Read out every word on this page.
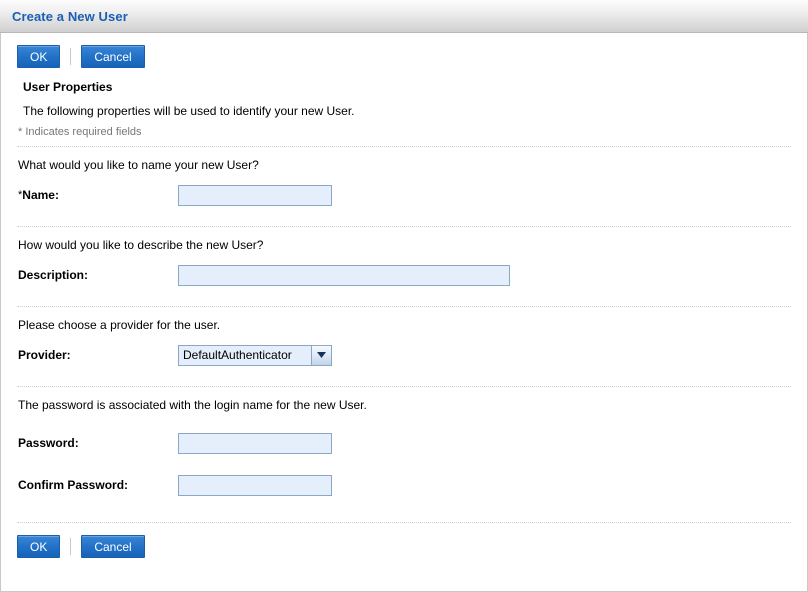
Create a New User
OK	Cancel
User Properties
The following properties will be used to identify your new User.
* Indicates required fields
What would you like to name your new User?
*Name:
How would you like to describe the new User?
Description:
Please choose a provider for the user.
Provider:
DefaultAuthenticator
The password is associated with the login name for the new User.
Password:
Confirm Password:
OK	Cancel
